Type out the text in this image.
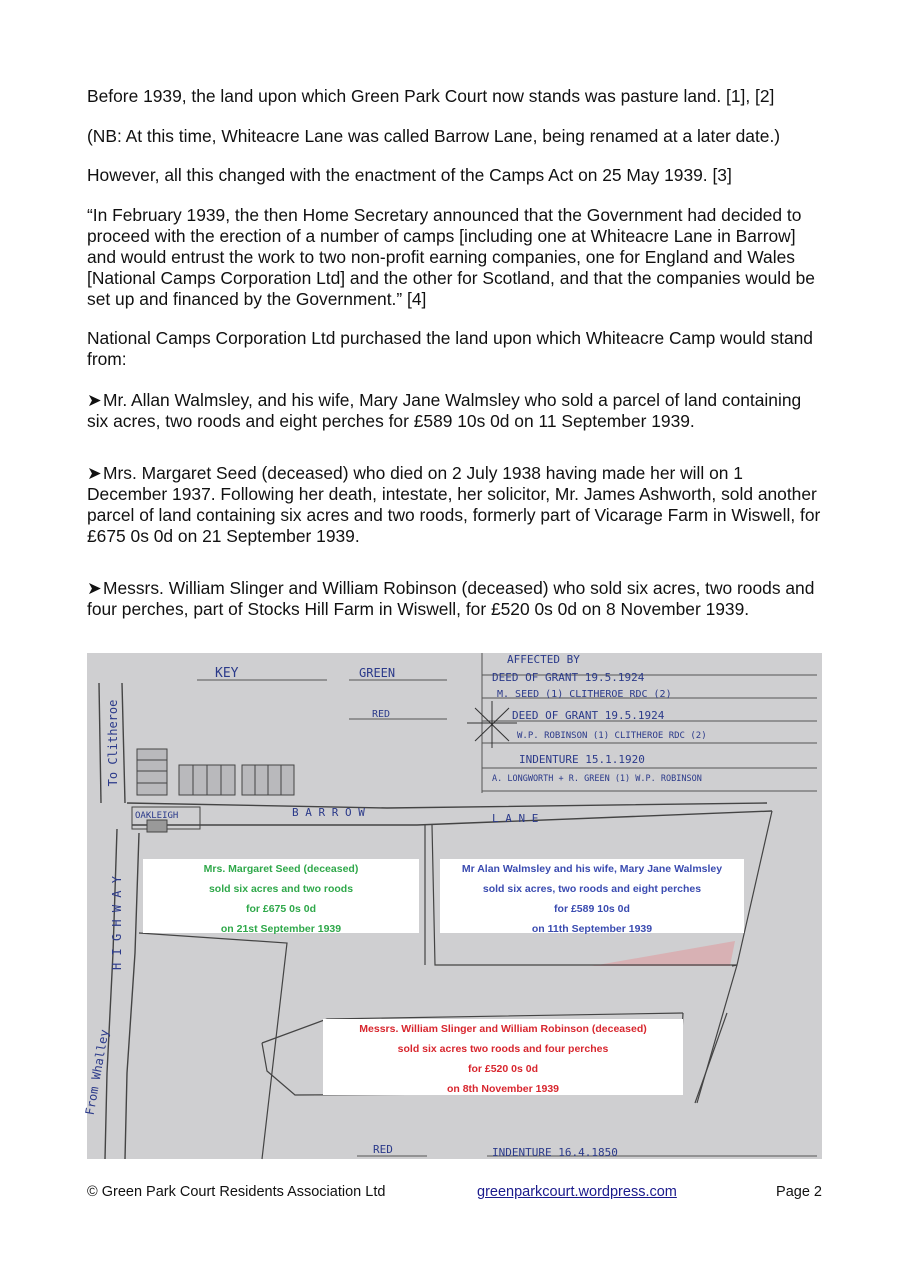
Before 1939, the land upon which Green Park Court now stands was pasture land. [1], [2]

(NB: At this time, Whiteacre Lane was called Barrow Lane, being renamed at a later date.)

However, all this changed with the enactment of the Camps Act on 25 May 1939. [3]

“In February 1939, the then Home Secretary announced that the Government had decided to proceed with the erection of a number of camps [including one at Whiteacre Lane in Barrow] and would entrust the work to two non-profit earning companies, one for England and Wales [National Camps Corporation Ltd] and the other for Scotland, and that the companies would be set up and financed by the Government.” [4]

National Camps Corporation Ltd purchased the land upon which Whiteacre Camp would stand from:

➤Mr. Allan Walmsley, and his wife, Mary Jane Walmsley who sold a parcel of land containing six acres, two roods and eight perches for £589 10s 0d on 11 September 1939.

➤Mrs. Margaret Seed (deceased) who died on 2 July 1938 having made her will on 1 December 1937. Following her death, intestate, her solicitor, Mr. James Ashworth, sold another parcel of land containing six acres and two roods, formerly part of Vicarage Farm in Wiswell, for £675 0s 0d on 21 September 1939.

➤Messrs. William Slinger and William Robinson (deceased) who sold six acres, two roods and four perches, part of Stocks Hill Farm in Wiswell, for £520 0s 0d on 8 November 1939.

KEY	GREEN
RED
AFFECTED BY
DEED OF GRANT 19.5.1924
M. SEED (1) CLITHEROE RDC (2)
DEED OF GRANT 19.5.1924
W.P. ROBINSON (1) CLITHEROE RDC (2)
INDENTURE 15.1.1920
A. LONGWORTH + R. GREEN (1) W.P. ROBINSON
To Clitheroe
OAKLEIGH	B A R R O W	L A N E
H I G H W A Y
From Whalley
RED	INDENTURE 16.4.1850
Mrs. Margaret Seed (deceased)
sold six acres and two roods
for £675 0s 0d
on 21st September 1939
Mr Alan Walmsley and his wife, Mary Jane Walmsley
sold six acres, two roods and eight perches
for £589 10s 0d
on 11th September 1939
Messrs. William Slinger and William Robinson (deceased)
sold six acres two roods and four perches
for £520 0s 0d
on 8th November 1939
© Green Park Court Residents Association Ltd	greenparkcourt.wordpress.com	Page 2
